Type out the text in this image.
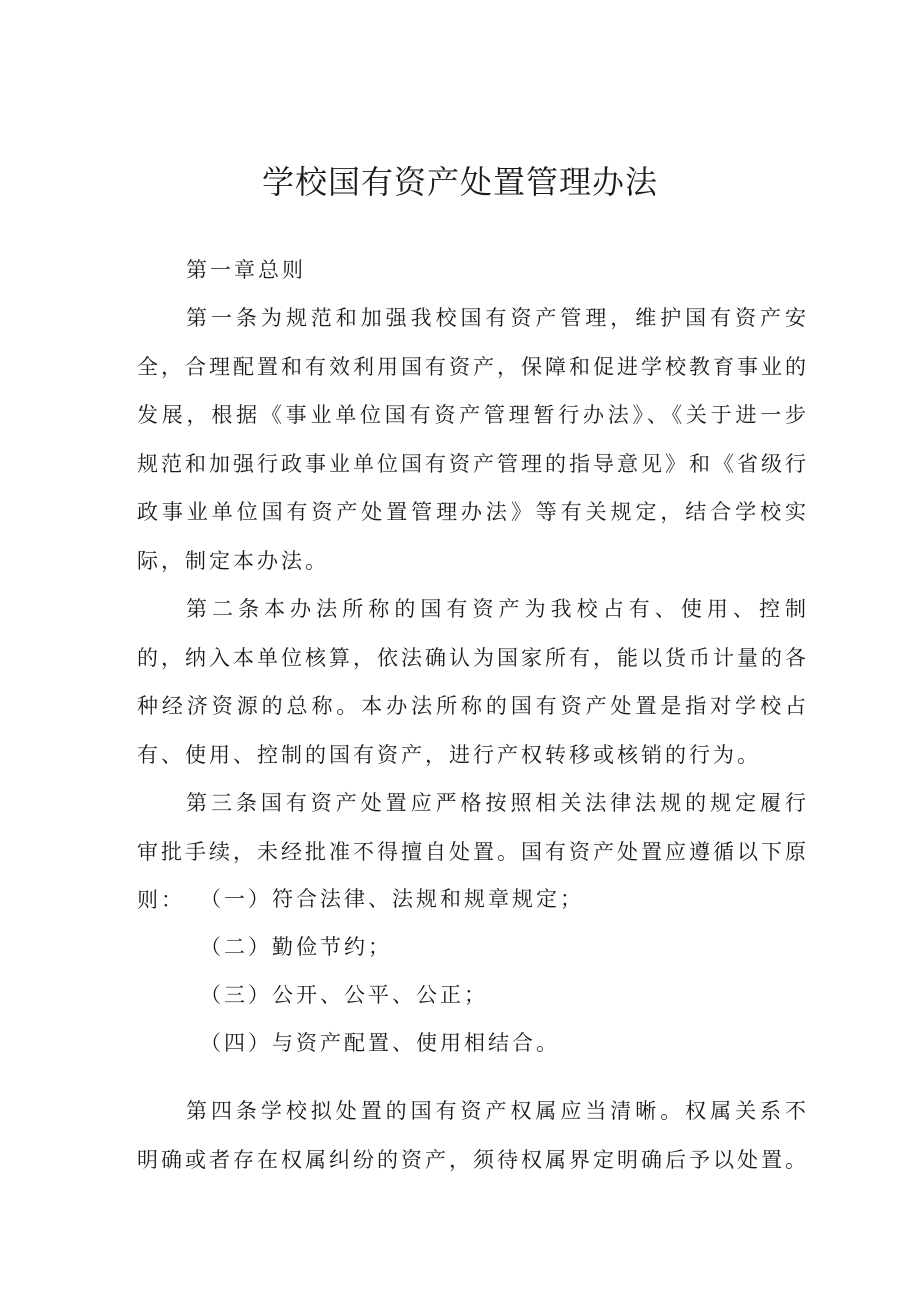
学校国有资产处置管理办法

第一章总则

第一条为规范和加强我校国有资产管理，维护国有资产安全，合理配置和有效利用国有资产，保障和促进学校教育事业的发展，根据《事业单位国有资产管理暂行办法》、《关于进一步规范和加强行政事业单位国有资产管理的指导意见》和《省级行政事业单位国有资产处置管理办法》等有关规定，结合学校实际，制定本办法。

第二条本办法所称的国有资产为我校占有、使用、控制的，纳入本单位核算，依法确认为国家所有，能以货币计量的各种经济资源的总称。本办法所称的国有资产处置是指对学校占有、使用、控制的国有资产，进行产权转移或核销的行为。

第三条国有资产处置应严格按照相关法律法规的规定履行审批手续，未经批准不得擅自处置。国有资产处置应遵循以下原则： （一）符合法律、法规和规章规定；

（二）勤俭节约；

（三）公开、公平、公正；

（四）与资产配置、使用相结合。

第四条学校拟处置的国有资产权属应当清晰。权属关系不明确或者存在权属纠纷的资产，须待权属界定明确后予以处置。
